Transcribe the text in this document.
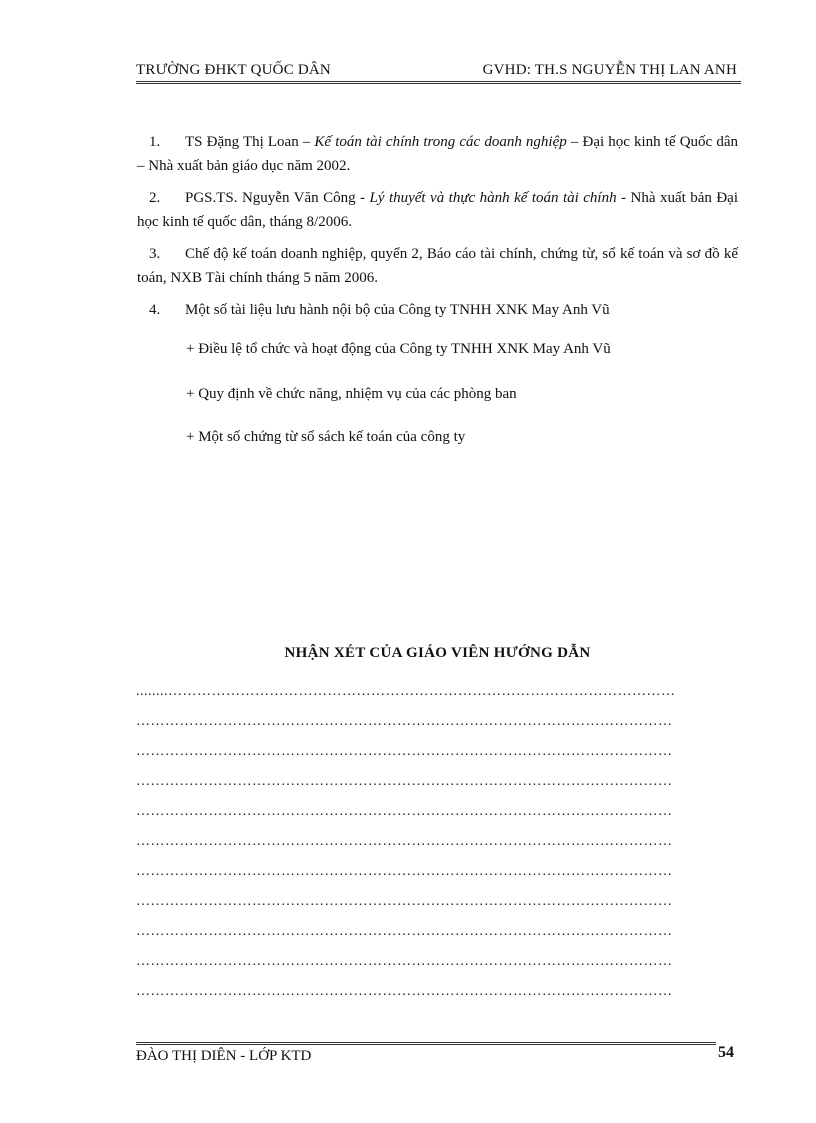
TRƯỜNG ĐHKT QUỐC DÂN	GVHD: TH.S NGUYỄN THỊ LAN ANH

1. TS Đặng Thị Loan – Kế toán tài chính trong các doanh nghiệp – Đại học kinh tế Quốc dân – Nhà xuất bản giáo dục năm 2002.

2. PGS.TS. Nguyễn Văn Công - Lý thuyết và thực hành kế toán tài chính - Nhà xuất bản Đại học kinh tế quốc dân, tháng 8/2006.

3. Chế độ kế toán doanh nghiệp, quyển 2, Báo cáo tài chính, chứng từ, sổ kế toán và sơ đồ kế toán, NXB Tài chính tháng 5 năm 2006.

4. Một số tài liệu lưu hành nội bộ của Công ty TNHH XNK May Anh Vũ

+ Điều lệ tổ chức và hoạt động của Công ty TNHH XNK May Anh Vũ
+ Quy định về chức năng, nhiệm vụ của các phòng ban
+ Một số chứng từ sổ sách kế toán của công ty
NHẬN XÉT CỦA GIÁO VIÊN HƯỚNG DẪN
........……………………………………………………………………………………………
…………………………………………………………………………………………………
…………………………………………………………………………………………………
…………………………………………………………………………………………………
…………………………………………………………………………………………………
…………………………………………………………………………………………………
…………………………………………………………………………………………………
…………………………………………………………………………………………………
…………………………………………………………………………………………………
…………………………………………………………………………………………………
…………………………………………………………………………………………………
ĐÀO THỊ DIÊN - LỚP KTD	54
